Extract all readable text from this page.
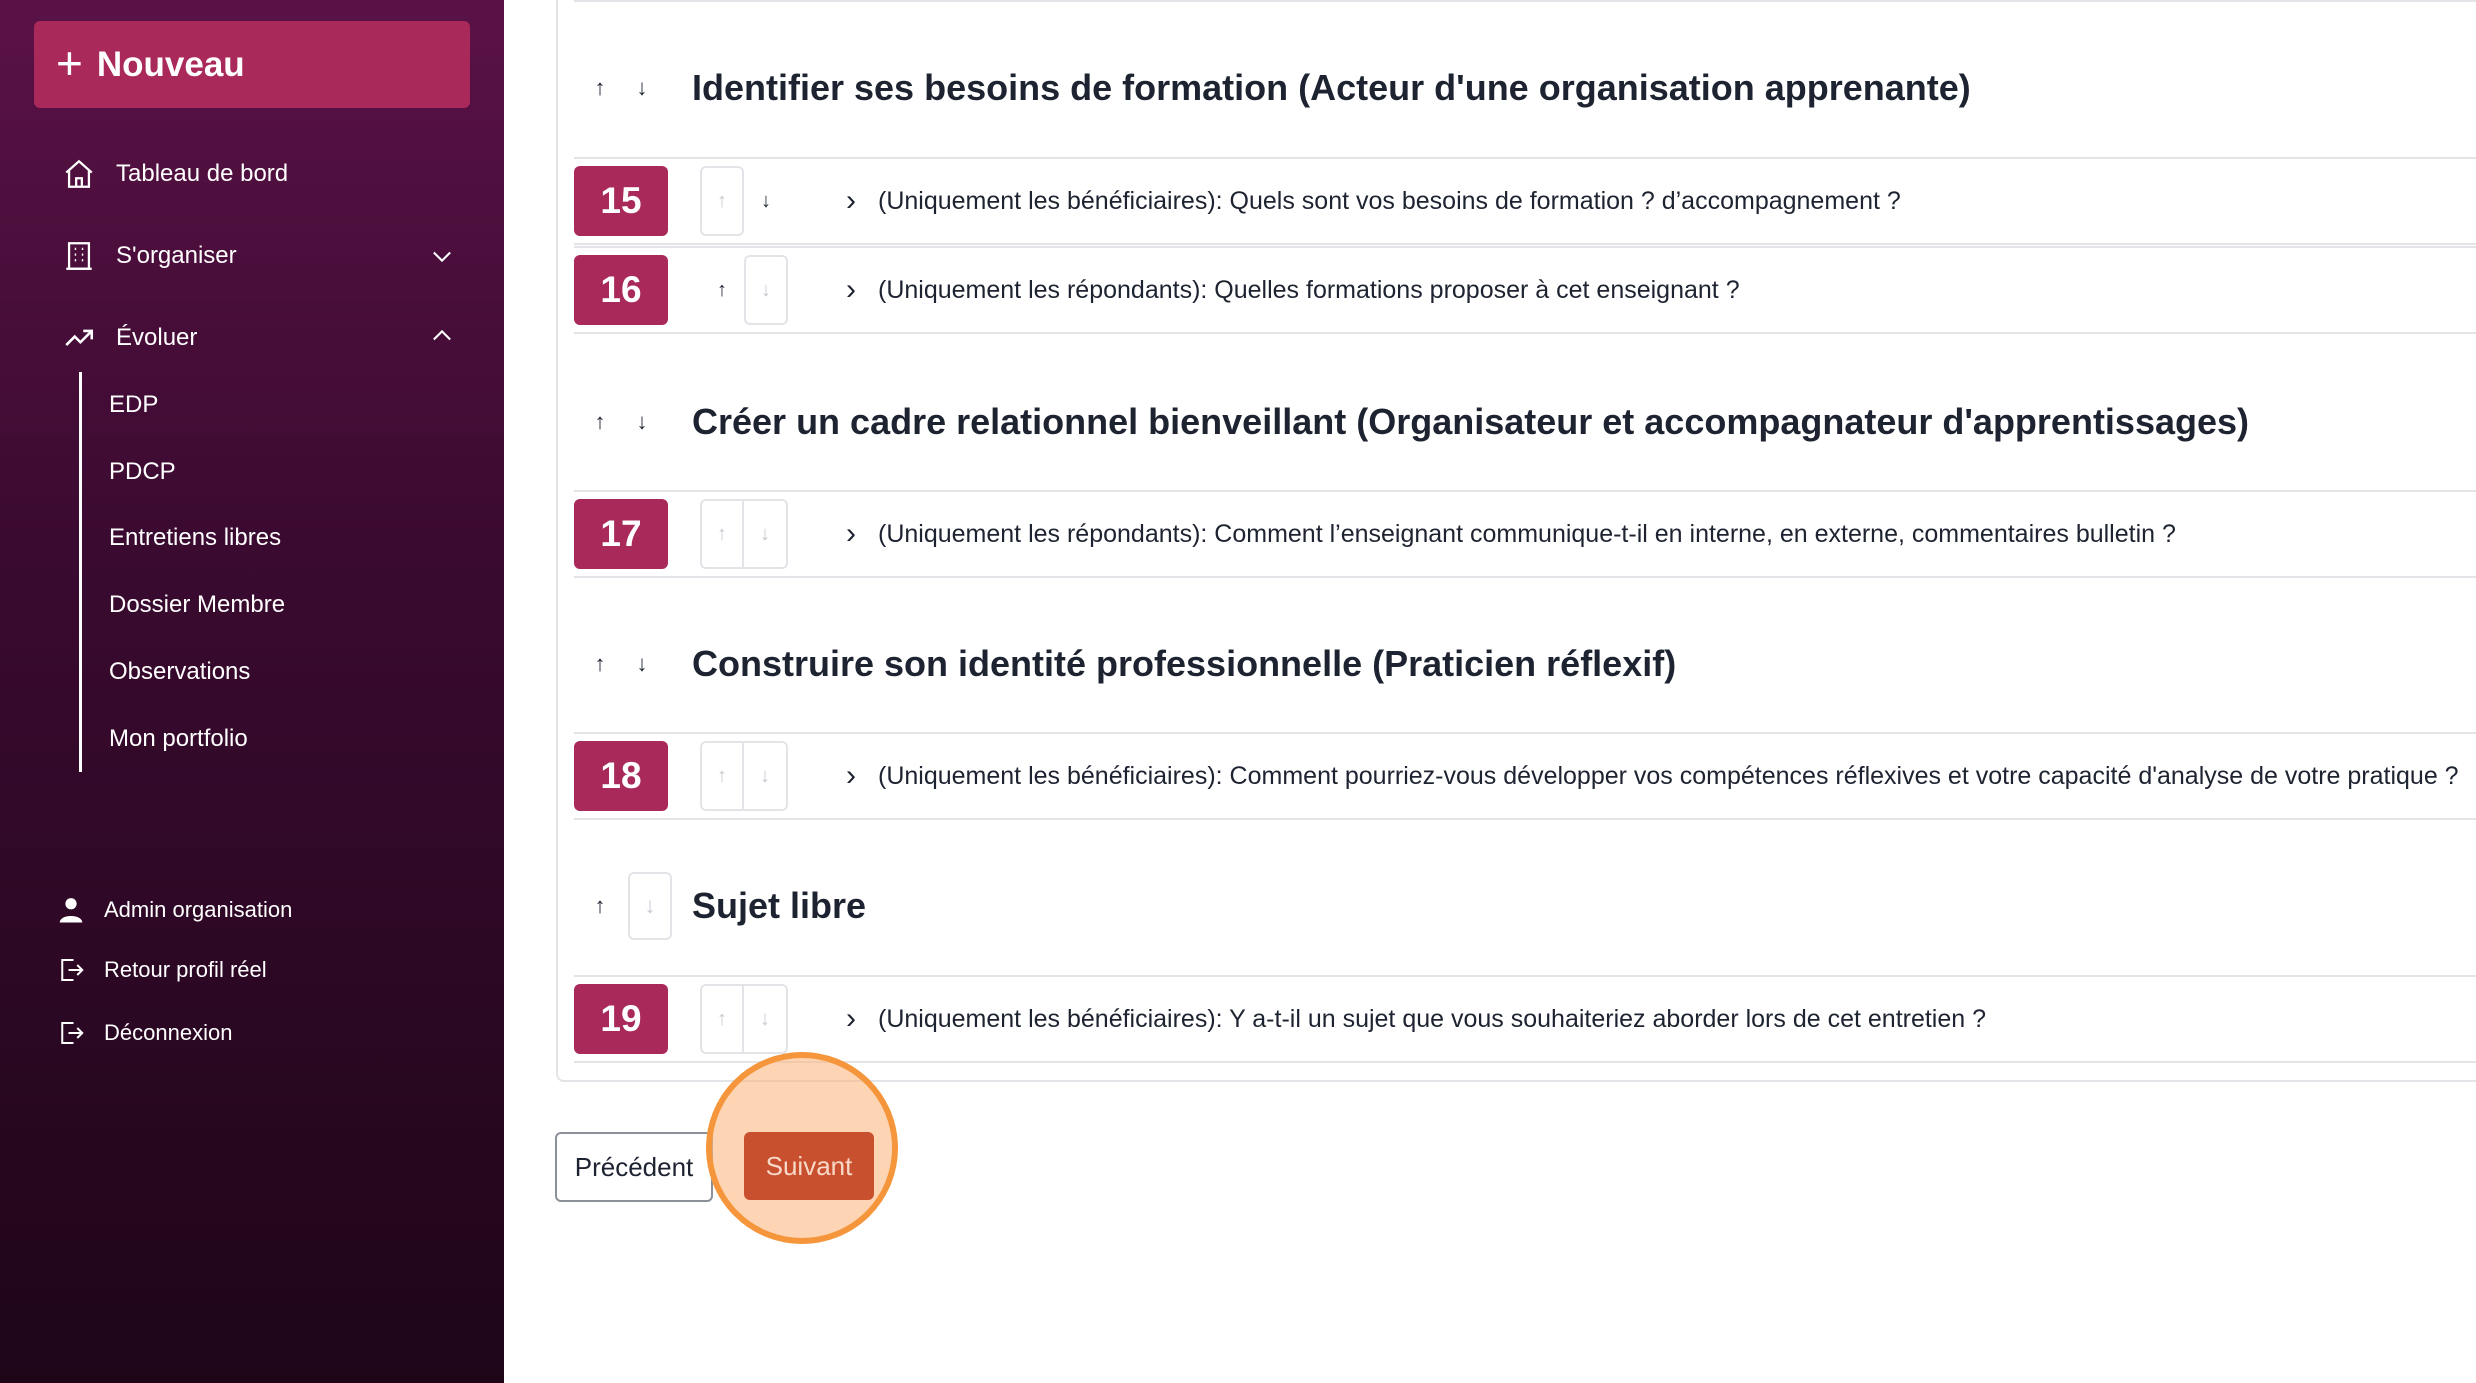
+ Nouveau
Tableau de bord
S'organiser
Évoluer
EDP
PDCP
Entretiens libres
Dossier Membre
Observations
Mon portfolio
Admin organisation
Retour profil réel
Déconnexion
↑	↓ Identifier ses besoins de formation (Acteur d'une organisation apprenante)
15	↑	↓	› (Uniquement les bénéficiaires): Quels sont vos besoins de formation ? d’accompagnement ?
16	↑	↓	› (Uniquement les répondants): Quelles formations proposer à cet enseignant ?
↑	↓ Créer un cadre relationnel bienveillant (Organisateur et accompagnateur d'apprentissages)
17	↑	↓	› (Uniquement les répondants): Comment l’enseignant communique-t-il en interne, en externe, commentaires bulletin ?
↑	↓ Construire son identité professionnelle (Praticien réflexif)
18	↑	↓	› (Uniquement les bénéficiaires): Comment pourriez-vous développer vos compétences réflexives et votre capacité d'analyse de votre pratique ?
↑	↓	Sujet libre
19	↑	↓	› (Uniquement les bénéficiaires): Y a-t-il un sujet que vous souhaiteriez aborder lors de cet entretien ?
Précédent	Suivant
